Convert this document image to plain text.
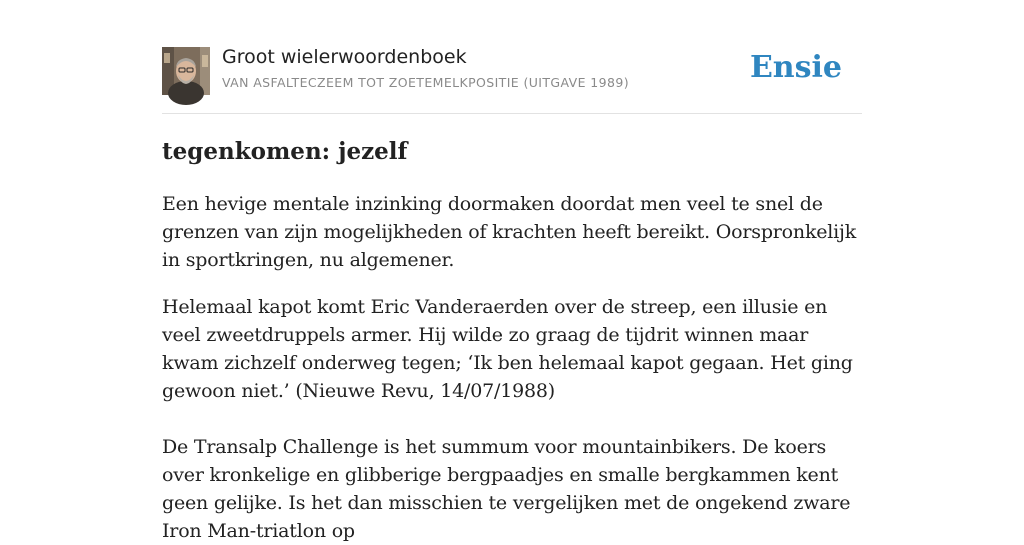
Groot wielerwoordenboek
VAN ASFALTECZEEM TOT ZOETEMELKPOSITIE (UITGAVE 1989)	Ensie
tegenkomen: jezelf

Een hevige mentale inzinking doormaken doordat men veel te snel de grenzen van zijn mogelijkheden of krachten heeft bereikt. Oorspronkelijk in sportkringen, nu algemener.

Helemaal kapot komt Eric Vanderaerden over de streep, een illusie en veel zweetdruppels armer. Hij wilde zo graag de tijdrit winnen maar kwam zichzelf onderweg tegen; ‘Ik ben helemaal kapot gegaan. Het ging gewoon niet.’ (Nieuwe Revu, 14/07/1988)

De Transalp Challenge is het summum voor mountainbikers. De koers over kronkelige en glibberige bergpaadjes en smalle bergkammen kent geen gelijke. Is het dan misschien te vergelijken met de ongekend zware Iron Man-triatlon op
